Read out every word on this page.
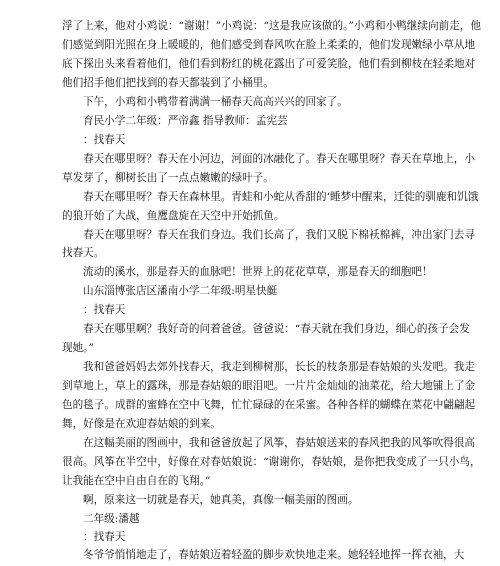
浮了上来，他对小鸡说：“谢谢！”小鸡说：“这是我应该做的。”小鸡和小鸭继续向前走，他
们感觉到阳光照在身上暖暖的，他们感受到春风吹在脸上柔柔的，他们发现嫩绿小草从地
底下探出头来看着他们，他们看到粉红的桃花露出了可爱笑脸，他们看到柳枝在轻柔地对
他们招手他们把找到的春天都装到了小桶里。
下午，小鸡和小鸭带着满满一桶春天高高兴兴的回家了。
育民小学二年级：严帝鑫 指导教师：孟宪芸
：找春天
春天在哪里呀？春天在小河边，河面的冰融化了。春天在哪里呀？春天在草地上，小
草发芽了，柳树长出了一点点嫩嫩的绿叶子。
春天在哪里呀？春天在森林里。青蛙和小蛇从香甜的‘睡梦中醒来，迁徙的驯鹿和饥饿
的狼开始了大战，鱼鹰盘旋在天空中开始抓鱼。
春天在哪里呀？春天在我们身边。我们长高了，我们又脱下棉袄棉裤，冲出家门去寻
找春天。
流动的溪水，那是春天的血脉吧！世界上的花花草草，那是春天的细胞吧！
山东淄博张店区潘南小学二年级:明星快艇
：找春天
春天在哪里啊？我好奇的问着爸爸。爸爸说：“春天就在我们身边，细心的孩子会发
现她。”
我和爸爸妈妈去郊外找春天，我走到柳树那，长长的枝条那是春姑娘的头发吧。我走
到草地上，草上的露珠，那是春姑娘的眼泪吧。一片片金灿灿的油菜花，给大地铺上了金
色的毯子。成群的蜜蜂在空中飞舞，忙忙碌碌的在采蜜。各种各样的蝴蝶在菜花中翩翩起
舞，好像是在欢迎春姑娘的到来。
在这幅美丽的图画中，我和爸爸放起了风筝，春姑娘送来的春风把我的风筝吹得很高
很高。风筝在半空中，好像在对春姑娘说：“谢谢你，春姑娘，是你把我变成了一只小鸟，
让我能在空中自由自在的飞翔。”
啊，原来这一切就是春天，她真美，真像一幅美丽的图画。
二年级:潘越
：找春天
冬爷爷悄悄地走了，春姑娘迈着轻盈的脚步欢快地走来。她轻轻地挥一挥衣袖，大
